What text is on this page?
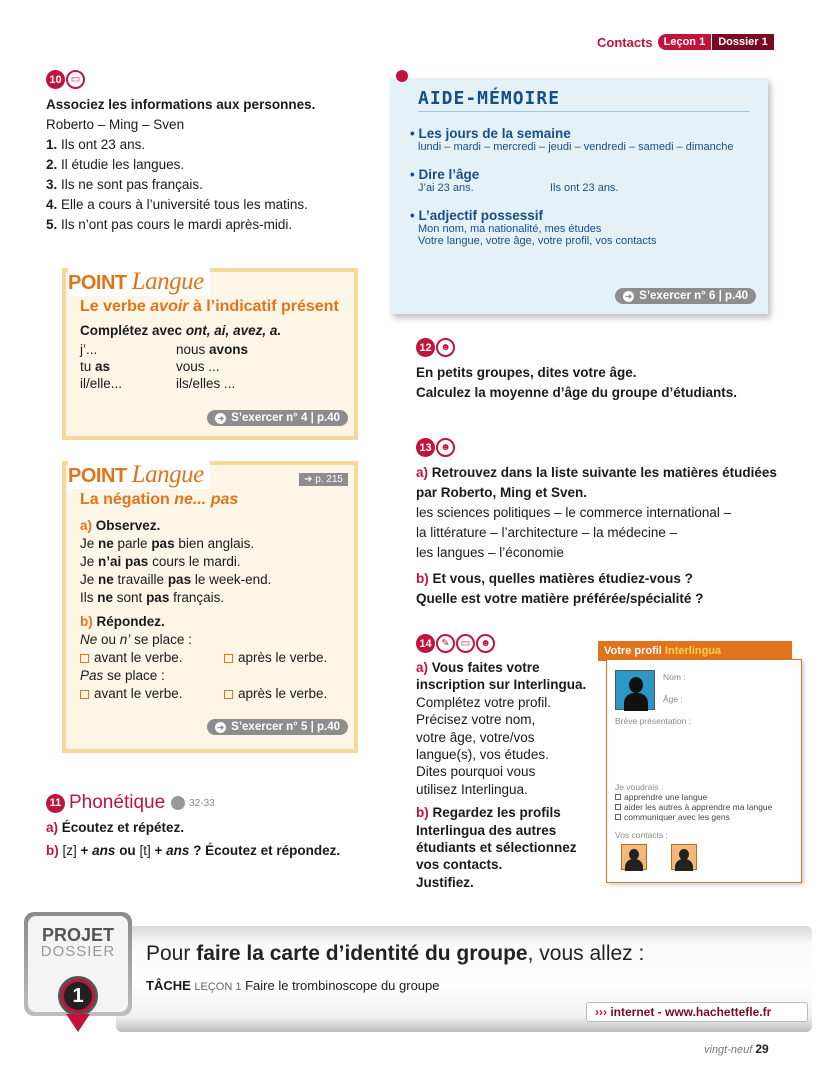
Contacts	Leçon 1	Dossier 1
10 ▭
Associez les informations aux personnes.
Roberto – Ming – Sven
1. Ils ont 23 ans.
2. Il étudie les langues.
3. Ils ne sont pas français.
4. Elle a cours à l’université tous les matins.
5. Ils n’ont pas cours le mardi après-midi.
POINT Langue
Le verbe avoir à l’indicatif présent
Complétez avec ont, ai, avez, a.
j’...	nous avons
tu as	vous ...
il/elle...	ils/elles ...
➜ S’exercer n° 4 | p.40
POINT Langue	➜ p. 215
La négation ne... pas
a) Observez.
Je ne parle pas bien anglais.
Je n’ai pas cours le mardi.
Je ne travaille pas le week-end.
Ils ne sont pas français.
b) Répondez.
Ne ou n’ se place :
avant le verbe.	après le verbe.
Pas se place :
avant le verbe.	après le verbe.
➜ S’exercer n° 5 | p.40
11 Phonétique 32-33
a) Écoutez et répétez.
b) [z] + ans ou [t] + ans ? Écoutez et répondez.
AIDE-MÉMOIRE
• Les jours de la semaine
lundi – mardi – mercredi – jeudi – vendredi – samedi – dimanche
• Dire l’âge
J’ai 23 ans.	Ils ont 23 ans.
• L’adjectif possessif
Mon nom, ma nationalité, mes études
Votre langue, votre âge, votre profil, vos contacts
➜ S’exercer n° 6 | p.40
12 ☻
En petits groupes, dites votre âge.
Calculez la moyenne d’âge du groupe d’étudiants.
13 ☻
a) Retrouvez dans la liste suivante les matières étudiées
par Roberto, Ming et Sven.
les sciences politiques – le commerce international –
la littérature – l’architecture – la médecine –
les langues – l’économie
b) Et vous, quelles matières étudiez-vous ?
Quelle est votre matière préférée/spécialité ?
14 ✎ ▭ ☻
a) Vous faites votre
inscription sur Interlingua.
Complétez votre profil.
Précisez votre nom,
votre âge, votre/vos
langue(s), vos études.
Dites pourquoi vous
utilisez Interlingua.
b) Regardez les profils
Interlingua des autres
étudiants et sélectionnez
vos contacts.
Justifiez.
Votre profil Interlingua
Nom :
Âge :
Brève présentation :
Je voudrais :
apprendre une langue
aider les autres à apprendre ma langue
communiquer avec les gens
Vos contacts :
Pour faire la carte d’identité du groupe, vous allez :
TÂCHE LEÇON 1 Faire le trombinoscope du groupe
››› internet - www.hachettefle.fr
PROJET
DOSSIER
1
vingt-neuf 29
